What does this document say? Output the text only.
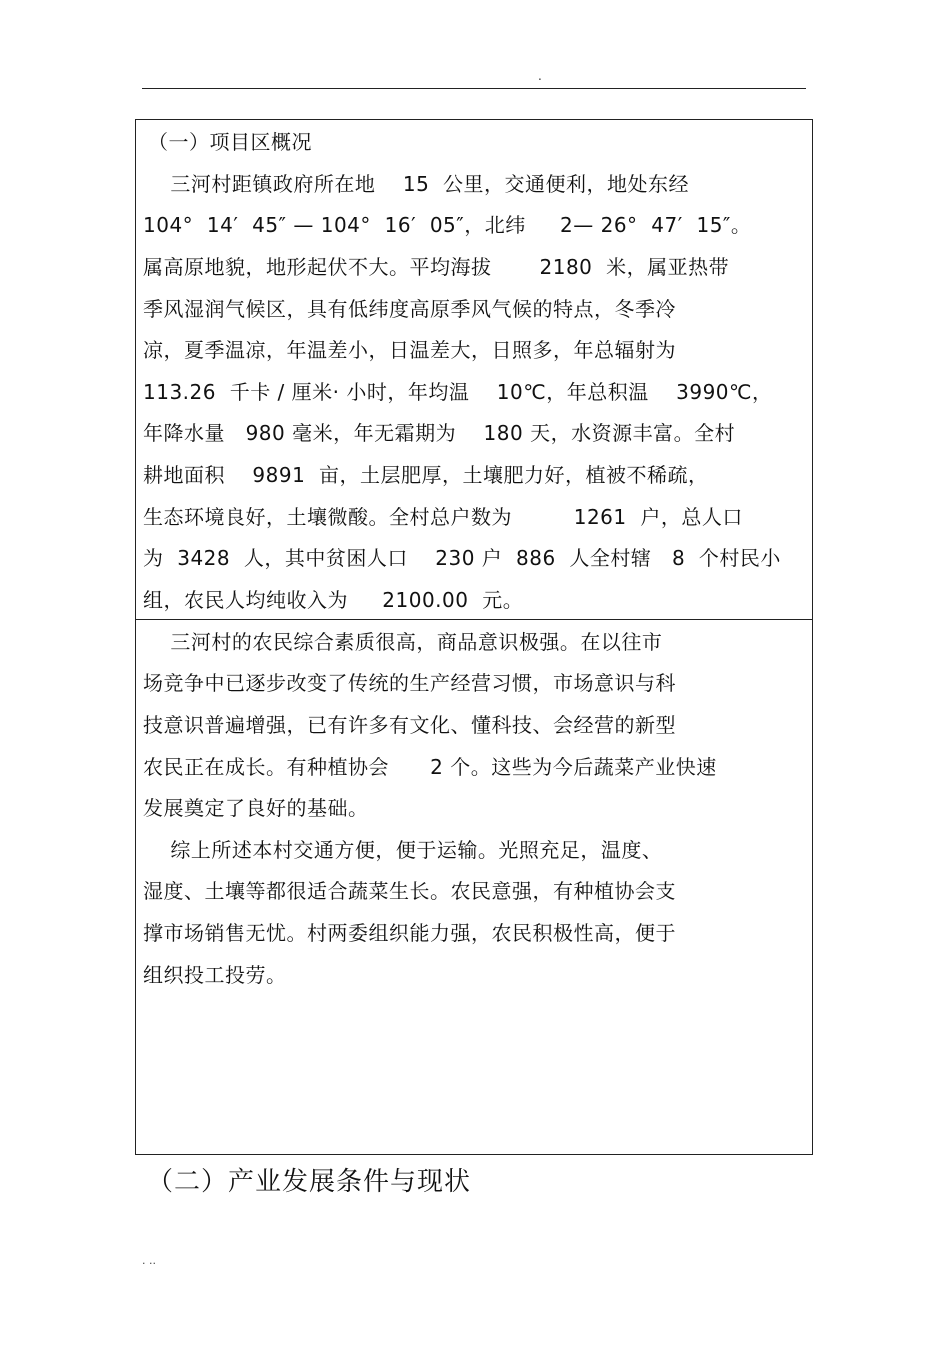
.
（一）项目区概况
三河村距镇政府所在地    15  公里，交通便利，地处东经
104°  14′  45″ — 104°  16′  05″，北纬     2— 26°  47′  15″。
属高原地貌，地形起伏不大。平均海拔       2180  米，属亚热带
季风湿润气候区，具有低纬度高原季风气候的特点，冬季冷
凉，夏季温凉，年温差小，日温差大，日照多，年总辐射为
113.26  千卡 / 厘米· 小时，年均温    10℃，年总积温    3990℃，
年降水量   980 毫米，年无霜期为    180 天，水资源丰富。全村
耕地面积    9891  亩，土层肥厚，土壤肥力好，植被不稀疏，
生态环境良好，土壤微酸。全村总户数为         1261  户，总人口
为  3428  人，其中贫困人口    230 户  886  人全村辖   8  个村民小
组，农民人均纯收入为     2100.00  元。
三河村的农民综合素质很高，商品意识极强。在以往市
场竞争中已逐步改变了传统的生产经营习惯，市场意识与科
技意识普遍增强，已有许多有文化、懂科技、会经营的新型
农民正在成长。有种植协会      2 个。这些为今后蔬菜产业快速
发展奠定了良好的基础。
综上所述本村交通方便，便于运输。光照充足，温度、
湿度、土壤等都很适合蔬菜生长。农民意强，有种植协会支
撑市场销售无忧。村两委组织能力强，农民积极性高，便于
组织投工投劳。
（二）产业发展条件与现状
. ..
